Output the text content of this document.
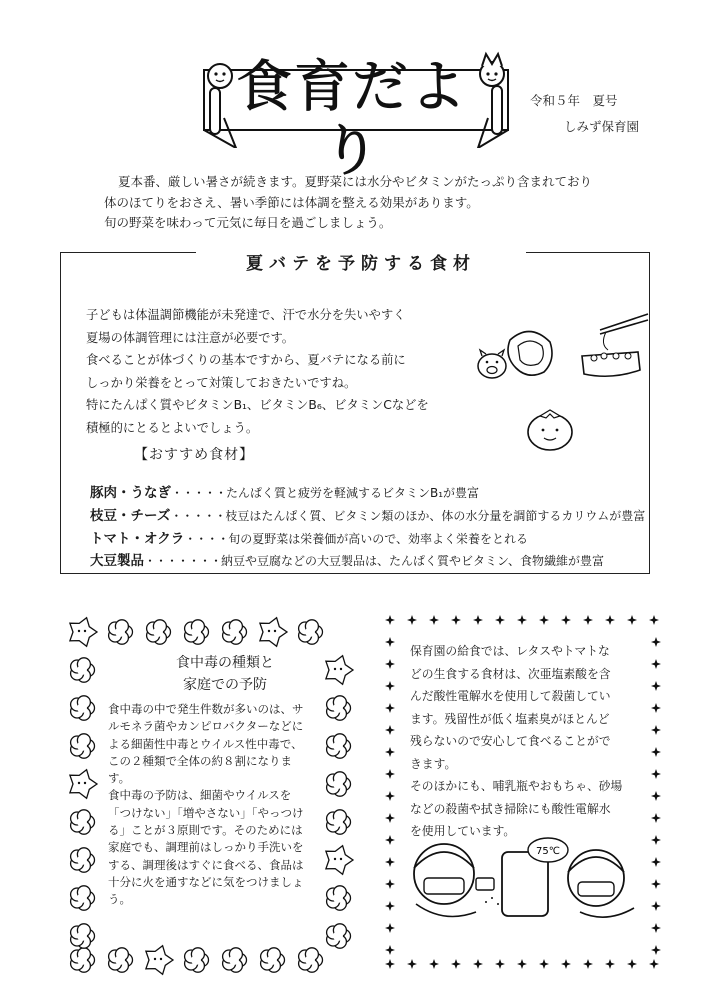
食育だより
令和５年　夏号
しみず保育園

夏本番、厳しい暑さが続きます。夏野菜には水分やビタミンがたっぷり含まれており

体のほてりをおさえ、暑い季節には体調を整える効果があります。

旬の野菜を味わって元気に毎日を過ごしましょう。

夏バテを予防する食材

子どもは体温調節機能が未発達で、汗で水分を失いやすく

夏場の体調管理には注意が必要です。

食べることが体づくりの基本ですから、夏バテになる前に

しっかり栄養をとって対策しておきたいですね。

特にたんぱく質やビタミンB₁、ビタミンB₆、ビタミンCなどを

積極的にとるとよいでしょう。

【おすすめ食材】
豚肉・うなぎ・・・・・たんぱく質と疲労を軽減するビタミンB₁が豊富
枝豆・チーズ・・・・・枝豆はたんぱく質、ビタミン類のほか、体の水分量を調節するカリウムが豊富
トマト・オクラ・・・・旬の夏野菜は栄養価が高いので、効率よく栄養をとれる
大豆製品・・・・・・・納豆や豆腐などの大豆製品は、たんぱく質やビタミン、食物繊維が豊富
食中毒の種類と
家庭での予防

食中毒の中で発生件数が多いのは、サ

ルモネラ菌やカンピロバクターなどに

よる細菌性中毒とウイルス性中毒で、

この２種類で全体の約８割になりま

す。

食中毒の予防は、細菌やウイルスを

「つけない」「増やさない」「やっつけ

る」ことが３原則です。そのためには

家庭でも、調理前はしっかり手洗いを

する、調理後はすぐに食べる、食品は

十分に火を通すなどに気をつけましょ

う。

保育園の給食では、レタスやトマトな

どの生食する食材は、次亜塩素酸を含

んだ酸性電解水を使用して殺菌してい

ます。残留性が低く塩素臭がほとんど

残らないので安心して食べることがで

きます。

そのほかにも、哺乳瓶やおもちゃ、砂場

などの殺菌や拭き掃除にも酸性電解水

を使用しています。

75℃
